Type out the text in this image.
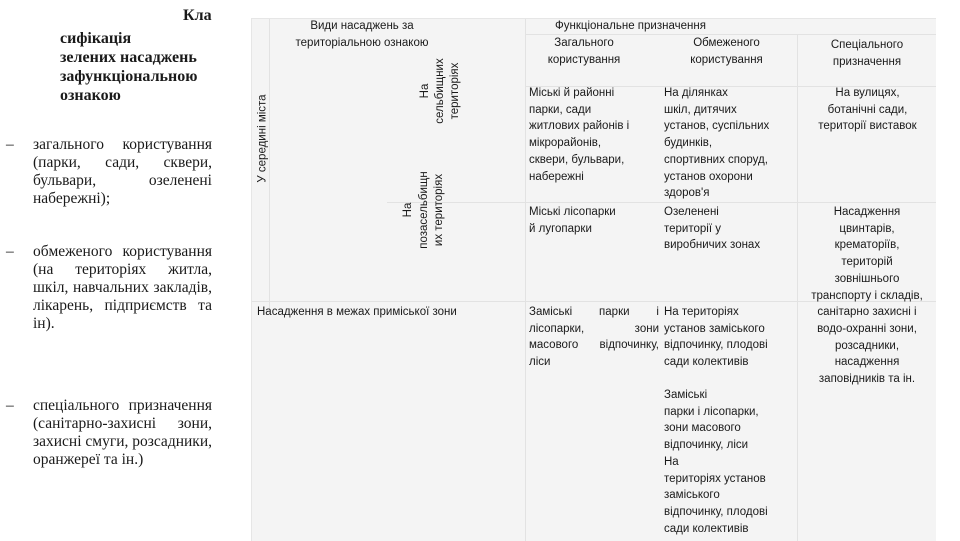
Кла
сифікація
зелених насаджень
зафункціональною
ознакою
– загального користування (парки, сади, сквери, бульвари, озеленені набережні);
– обмеженого користування (на територіях житла, шкіл, навчальних закладів, лікарень, підприємств та ін).
– спеціального призначення (санітарно-захисні зони, захисні смуги, розсадники, оранжереї та ін.)
Види насаджень за
територіальною ознакою
Функціональне призначення
Загального
користування
Обмеженого
користування
Спеціального
призначення
У середині міста
На
сельбищних
територіях
На
позасельбищн
их територіях
Насадження в межах приміської зони
Міські й районні
парки, сади
житлових районів і
мікрорайонів,
сквери, бульвари,
набережні
На ділянках
шкіл, дитячих
установ, суспільних
будинків,
спортивних споруд,
установ охорони
здоров'я
На вулицях,
ботанічні сади,
території виставок
Міські лісопарки
й лугопарки
Озеленені
території у
виробничих зонах
Насадження
цвинтарів,
крематоріїв,
територій
зовнішнього
транспорту і складів,
санітарно захисні і
водо-охранні зони,
розсадники,
насадження
заповідників та ін.
Заміські парки і лісопарки, зони масового відпочинку, ліси
На територіях
установ заміського
відпочинку, плодові
сади колективів
Заміські
парки і лісопарки,
зони масового
відпочинку, ліси
На
територіях установ
заміського
відпочинку, плодові
сади колективів
